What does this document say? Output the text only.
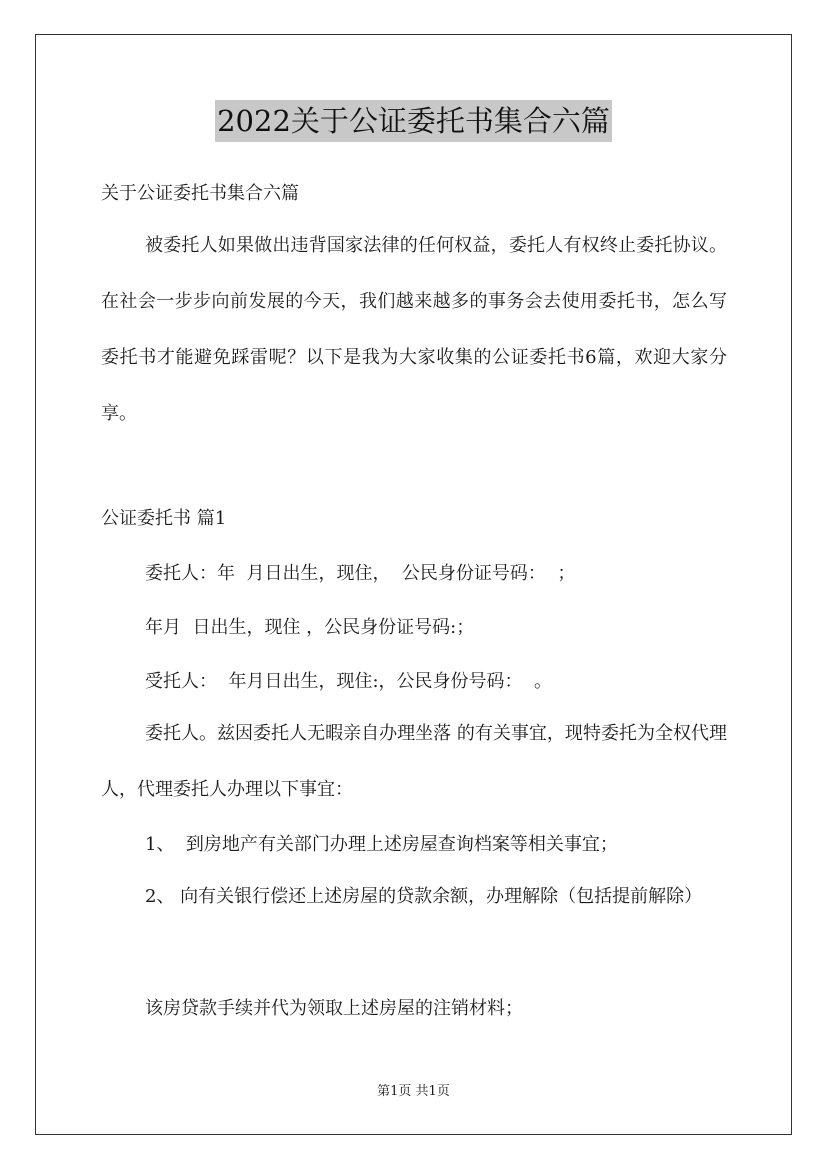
2022关于公证委托书集合六篇
关于公证委托书集合六篇

被委托人如果做出违背国家法律的任何权益，委托人有权终止委托协议。在社会一步步向前发展的今天，我们越来越多的事务会去使用委托书，怎么写委托书才能避免踩雷呢？以下是我为大家收集的公证委托书6篇，欢迎大家分享。

公证委托书 篇1
委托人：年  月日出生，现住，  公民身份证号码：  ；
年月  日出生，现住 ，公民身份证号码:；
受托人：  年月日出生，现住:，公民身份号码：  。

委托人。兹因委托人无暇亲自办理坐落 的有关事宜，现特委托为全权代理人，代理委托人办理以下事宜：

1、  到房地产有关部门办理上述房屋查询档案等相关事宜；

2、 向有关银行偿还上述房屋的贷款余额，办理解除（包括提前解除）

该房贷款手续并代为领取上述房屋的注销材料；
第1页 共1页
